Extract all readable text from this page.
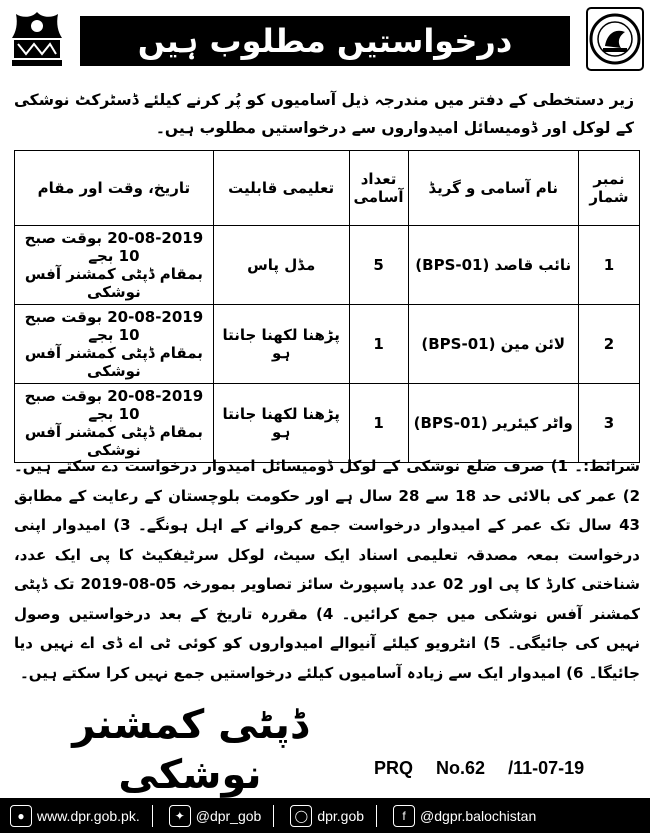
درخواستیں مطلوب ہیں
زیر دستخطی کے دفتر میں مندرجہ ذیل آسامیوں کو پُر کرنے کیلئے ڈسٹرکٹ نوشکی کے لوکل اور ڈومیسائل امیدواروں سے درخواستیں مطلوب ہیں۔
نمبر شمار	نام آسامی و گریڈ	تعداد آسامی	تعلیمی قابلیت	تاریخ، وقت اور مقام
1	نائب قاصد (BPS-01)	5	مڈل پاس	20-08-2019 بوقت صبح 10 بجے
بمقام ڈپٹی کمشنر آفس نوشکی

2	لائن مین (BPS-01)	1	پڑھنا لکھنا جانتا ہو	20-08-2019 بوقت صبح 10 بجے
بمقام ڈپٹی کمشنر آفس نوشکی

3	واٹر کیئریر (BPS-01)	1	پڑھنا لکھنا جانتا ہو	20-08-2019 بوقت صبح 10 بجے
بمقام ڈپٹی کمشنر آفس نوشکی
شرائط:۔ 1) صرف ضلع نوشکی کے لوکل ڈومیسائل امیدوار درخواست دے سکتے ہیں۔ 2) عمر کی بالائی حد 18 سے 28 سال ہے اور حکومت بلوچستان کے رعایت کے مطابق 43 سال تک عمر کے امیدوار درخواست جمع کروانے کے اہل ہونگے۔ 3) امیدوار اپنی درخواست بمعہ مصدقہ تعلیمی اسناد ایک سیٹ، لوکل سرٹیفکیٹ کا پی ایک عدد، شناختی کارڈ کا پی اور 02 عدد پاسپورٹ سائز تصاویر بمورخہ 05-08-2019 تک ڈپٹی کمشنر آفس نوشکی میں جمع کرائیں۔ 4) مقررہ تاریخ کے بعد درخواستیں وصول نہیں کی جائیگی۔ 5) انٹرویو کیلئے آنیوالے امیدواروں کو کوئی ٹی اے ڈی اے نہیں دیا جائیگا۔ 6) امیدوار ایک سے زیادہ آسامیوں کیلئے درخواستیں جمع نہیں کرا سکتے ہیں۔
ڈپٹی کمشنر
نوشکی	PRQ No.62 /11-07-19
● www.dpr.gob.pk.	✦ @dpr_gob	◯ dpr.gob	f	@dgpr.balochistan
